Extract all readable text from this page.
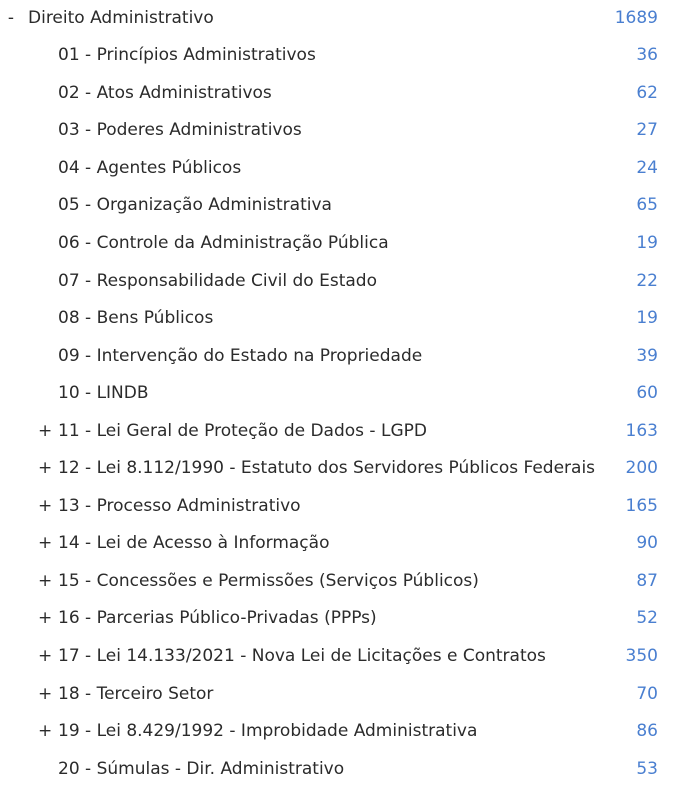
- Direito Administrativo	1689
01 - Princípios Administrativos	36
02 - Atos Administrativos	62
03 - Poderes Administrativos	27
04 - Agentes Públicos	24
05 - Organização Administrativa	65
06 - Controle da Administração Pública	19
07 - Responsabilidade Civil do Estado	22
08 - Bens Públicos	19
09 - Intervenção do Estado na Propriedade	39
10 - LINDB	60
+ 11 - Lei Geral de Proteção de Dados - LGPD	163
+ 12 - Lei 8.112/1990 - Estatuto dos Servidores Públicos Federais 200
+ 13 - Processo Administrativo	165
+ 14 - Lei de Acesso à Informação	90
+ 15 - Concessões e Permissões (Serviços Públicos)	87
+ 16 - Parcerias Público-Privadas (PPPs)	52
+ 17 - Lei 14.133/2021 - Nova Lei de Licitações e Contratos	350
+ 18 - Terceiro Setor	70
+ 19 - Lei 8.429/1992 - Improbidade Administrativa	86
20 - Súmulas - Dir. Administrativo	53
